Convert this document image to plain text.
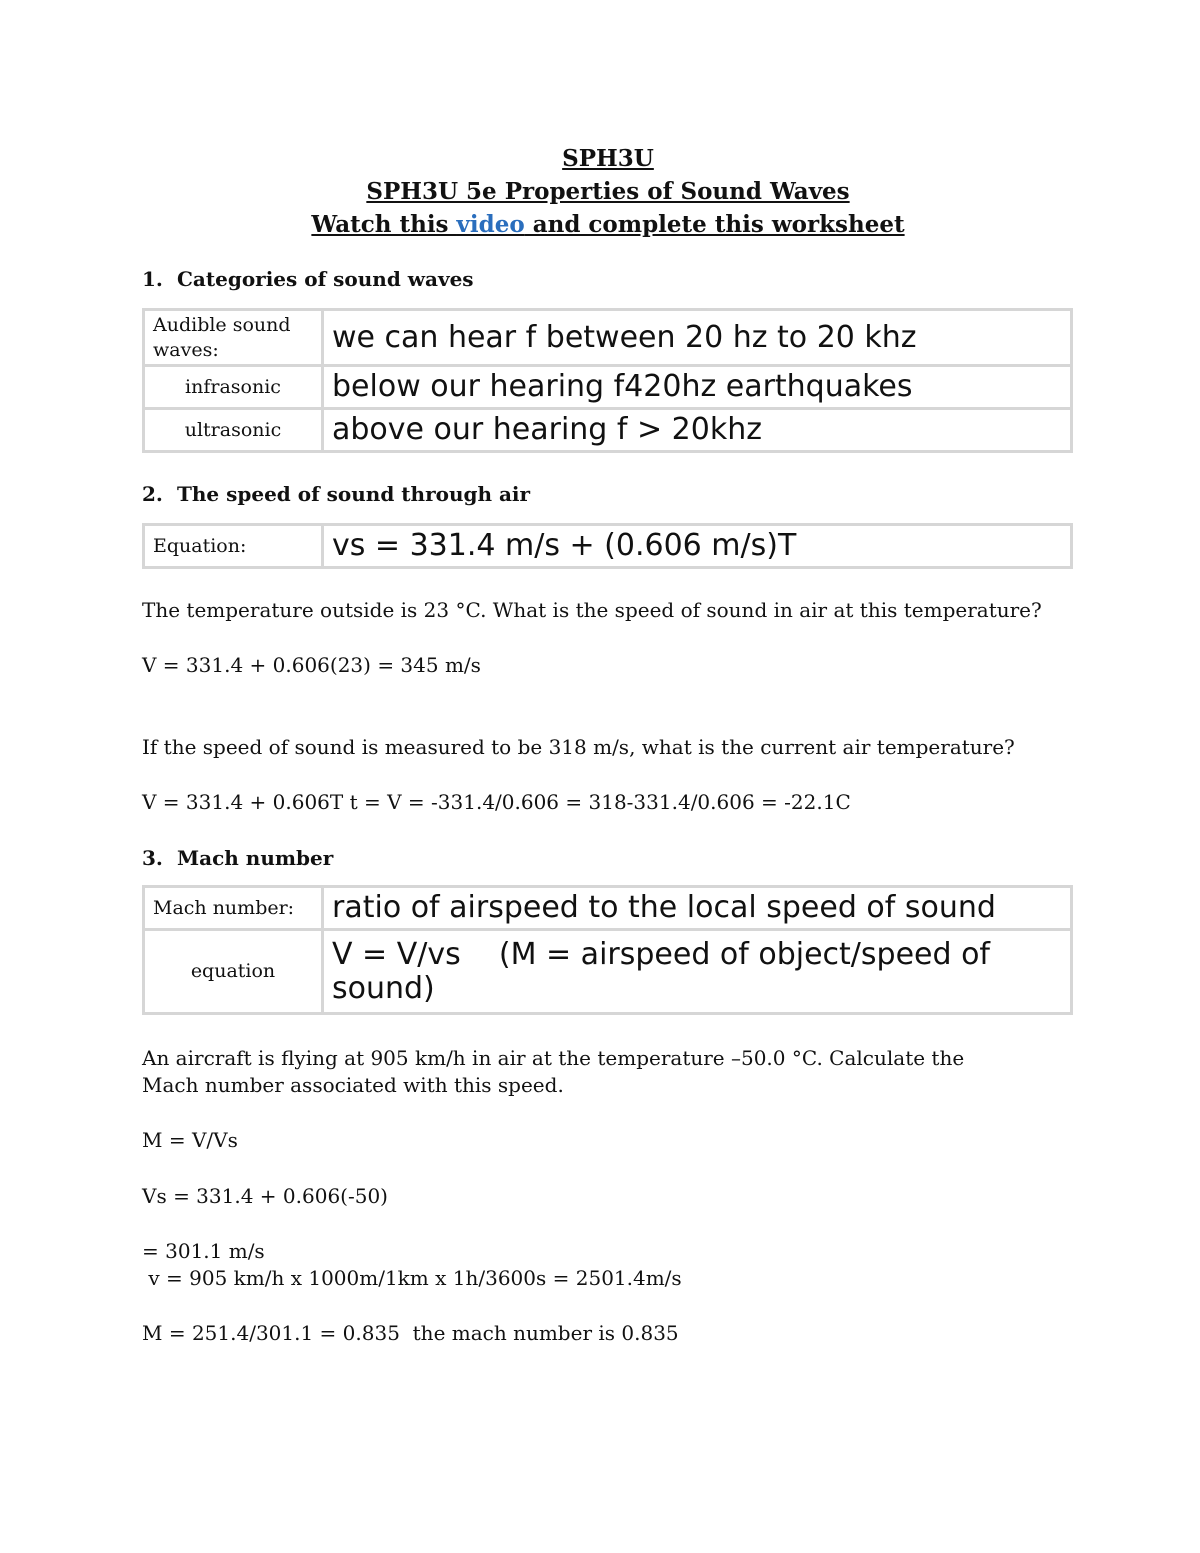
SPH3U
SPH3U 5e Properties of Sound Waves
Watch this video and complete this worksheet
1. Categories of sound waves
Audible sound waves:	we can hear f between 20 hz to 20 khz
infrasonic	below our hearing f420hz earthquakes
ultrasonic	above our hearing f > 20khz
2. The speed of sound through air
Equation:	vs = 331.4 m/s + (0.606 m/s)T
The temperature outside is 23 °C. What is the speed of sound in air at this temperature?
V = 331.4 + 0.606(23) = 345 m/s
If the speed of sound is measured to be 318 m/s, what is the current air temperature?
V = 331.4 + 0.606T t = V = -331.4/0.606 = 318-331.4/0.606 = -22.1C
3. Mach number
Mach number:	ratio of airspeed to the local speed of sound
equation	V = V/vs    (M = airspeed of object/speed of sound)
An aircraft is flying at 905 km/h in air at the temperature –50.0 °C. Calculate the Mach number associated with this speed.
M = V/Vs
Vs = 331.4 + 0.606(-50)
= 301.1 m/s
v = 905 km/h x 1000m/1km x 1h/3600s = 2501.4m/s
M = 251.4/301.1 = 0.835  the mach number is 0.835
